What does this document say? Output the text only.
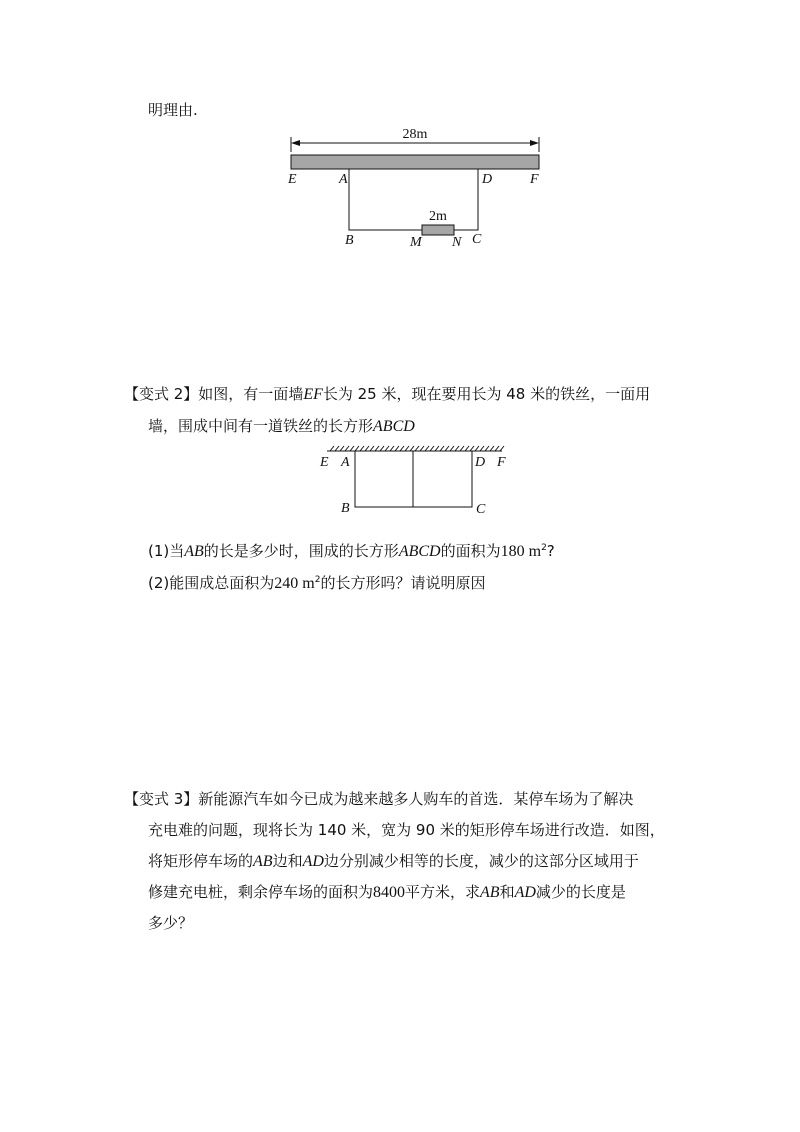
明理由.
28m
2m
E	A	D	F
B	M N C
E A	D F
B	C
【变式 2】如图，有一面墙EF长为 25 米，现在要用长为 48 米的铁丝，一面用
墙，围成中间有一道铁丝的长方形ABCD
(1)当AB的长是多少时，围成的长方形ABCD的面积为180 $m^2$?
(2)能围成总面积为240 $m^2$的长方形吗？请说明原因
【变式 3】新能源汽车如今已成为越来越多人购车的首选．某停车场为了解决
充电难的问题，现将长为 140 米，宽为 90 米的矩形停车场进行改造．如图，
将矩形停车场的AB边和AD边分别减少相等的长度，减少的这部分区域用于
修建充电桩，剩余停车场的面积为8400平方米，求AB和AD减少的长度是
多少？
